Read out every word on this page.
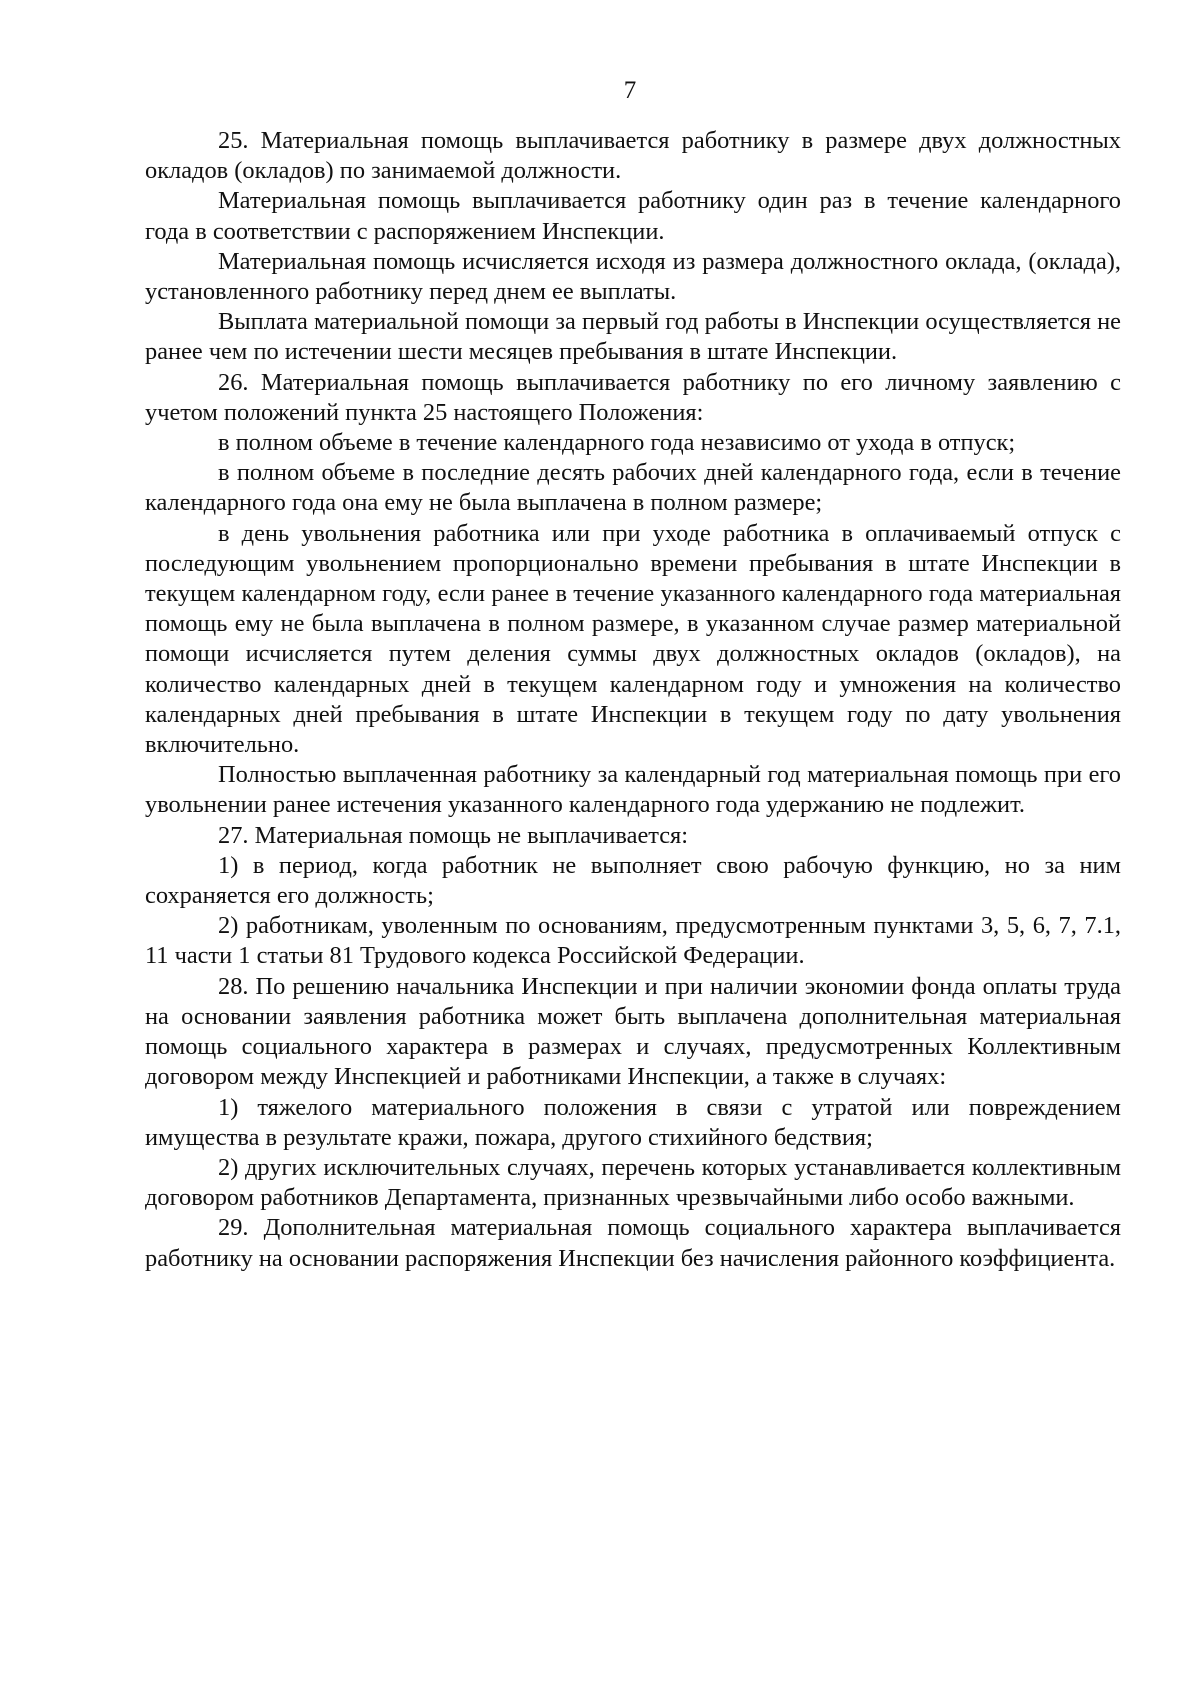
7

25. Материальная помощь выплачивается работнику в размере двух должностных окладов (окладов) по занимаемой должности.

Материальная помощь выплачивается работнику один раз в течение календарного года в соответствии с распоряжением Инспекции.

Материальная помощь исчисляется исходя из размера должностного оклада, (оклада), установленного работнику перед днем ее выплаты.

Выплата материальной помощи за первый год работы в Инспекции осуществляется не ранее чем по истечении шести месяцев пребывания в штате Инспекции.

26. Материальная помощь выплачивается работнику по его личному заявлению с учетом положений пункта 25 настоящего Положения:

в полном объеме в течение календарного года независимо от ухода в отпуск;

в полном объеме в последние десять рабочих дней календарного года, если в течение календарного года она ему не была выплачена в полном размере;

в день увольнения работника или при уходе работника в оплачиваемый отпуск с последующим увольнением пропорционально времени пребывания в штате Инспекции в текущем календарном году, если ранее в течение указанного календарного года материальная помощь ему не была выплачена в полном размере, в указанном случае размер материальной помощи исчисляется путем деления суммы двух должностных окладов (окладов), на количество календарных дней в текущем календарном году и умножения на количество календарных дней пребывания в штате Инспекции в текущем году по дату увольнения включительно.

Полностью выплаченная работнику за календарный год материальная помощь при его увольнении ранее истечения указанного календарного года удержанию не подлежит.

27. Материальная помощь не выплачивается:

1) в период, когда работник не выполняет свою рабочую функцию, но за ним сохраняется его должность;

2) работникам, уволенным по основаниям, предусмотренным пунктами 3, 5, 6, 7, 7.1, 11 части 1 статьи 81 Трудового кодекса Российской Федерации.

28. По решению начальника Инспекции и при наличии экономии фонда оплаты труда на основании заявления работника может быть выплачена дополнительная материальная помощь социального характера в размерах и случаях, предусмотренных Коллективным договором между Инспекцией и работниками Инспекции, а также в случаях:

1) тяжелого материального положения в связи с утратой или повреждением имущества в результате кражи, пожара, другого стихийного бедствия;

2) других исключительных случаях, перечень которых устанавливается коллективным договором работников Департамента, признанных чрезвычайными либо особо важными.

29. Дополнительная материальная помощь социального характера выплачивается работнику на основании распоряжения Инспекции без начисления районного коэффициента.
